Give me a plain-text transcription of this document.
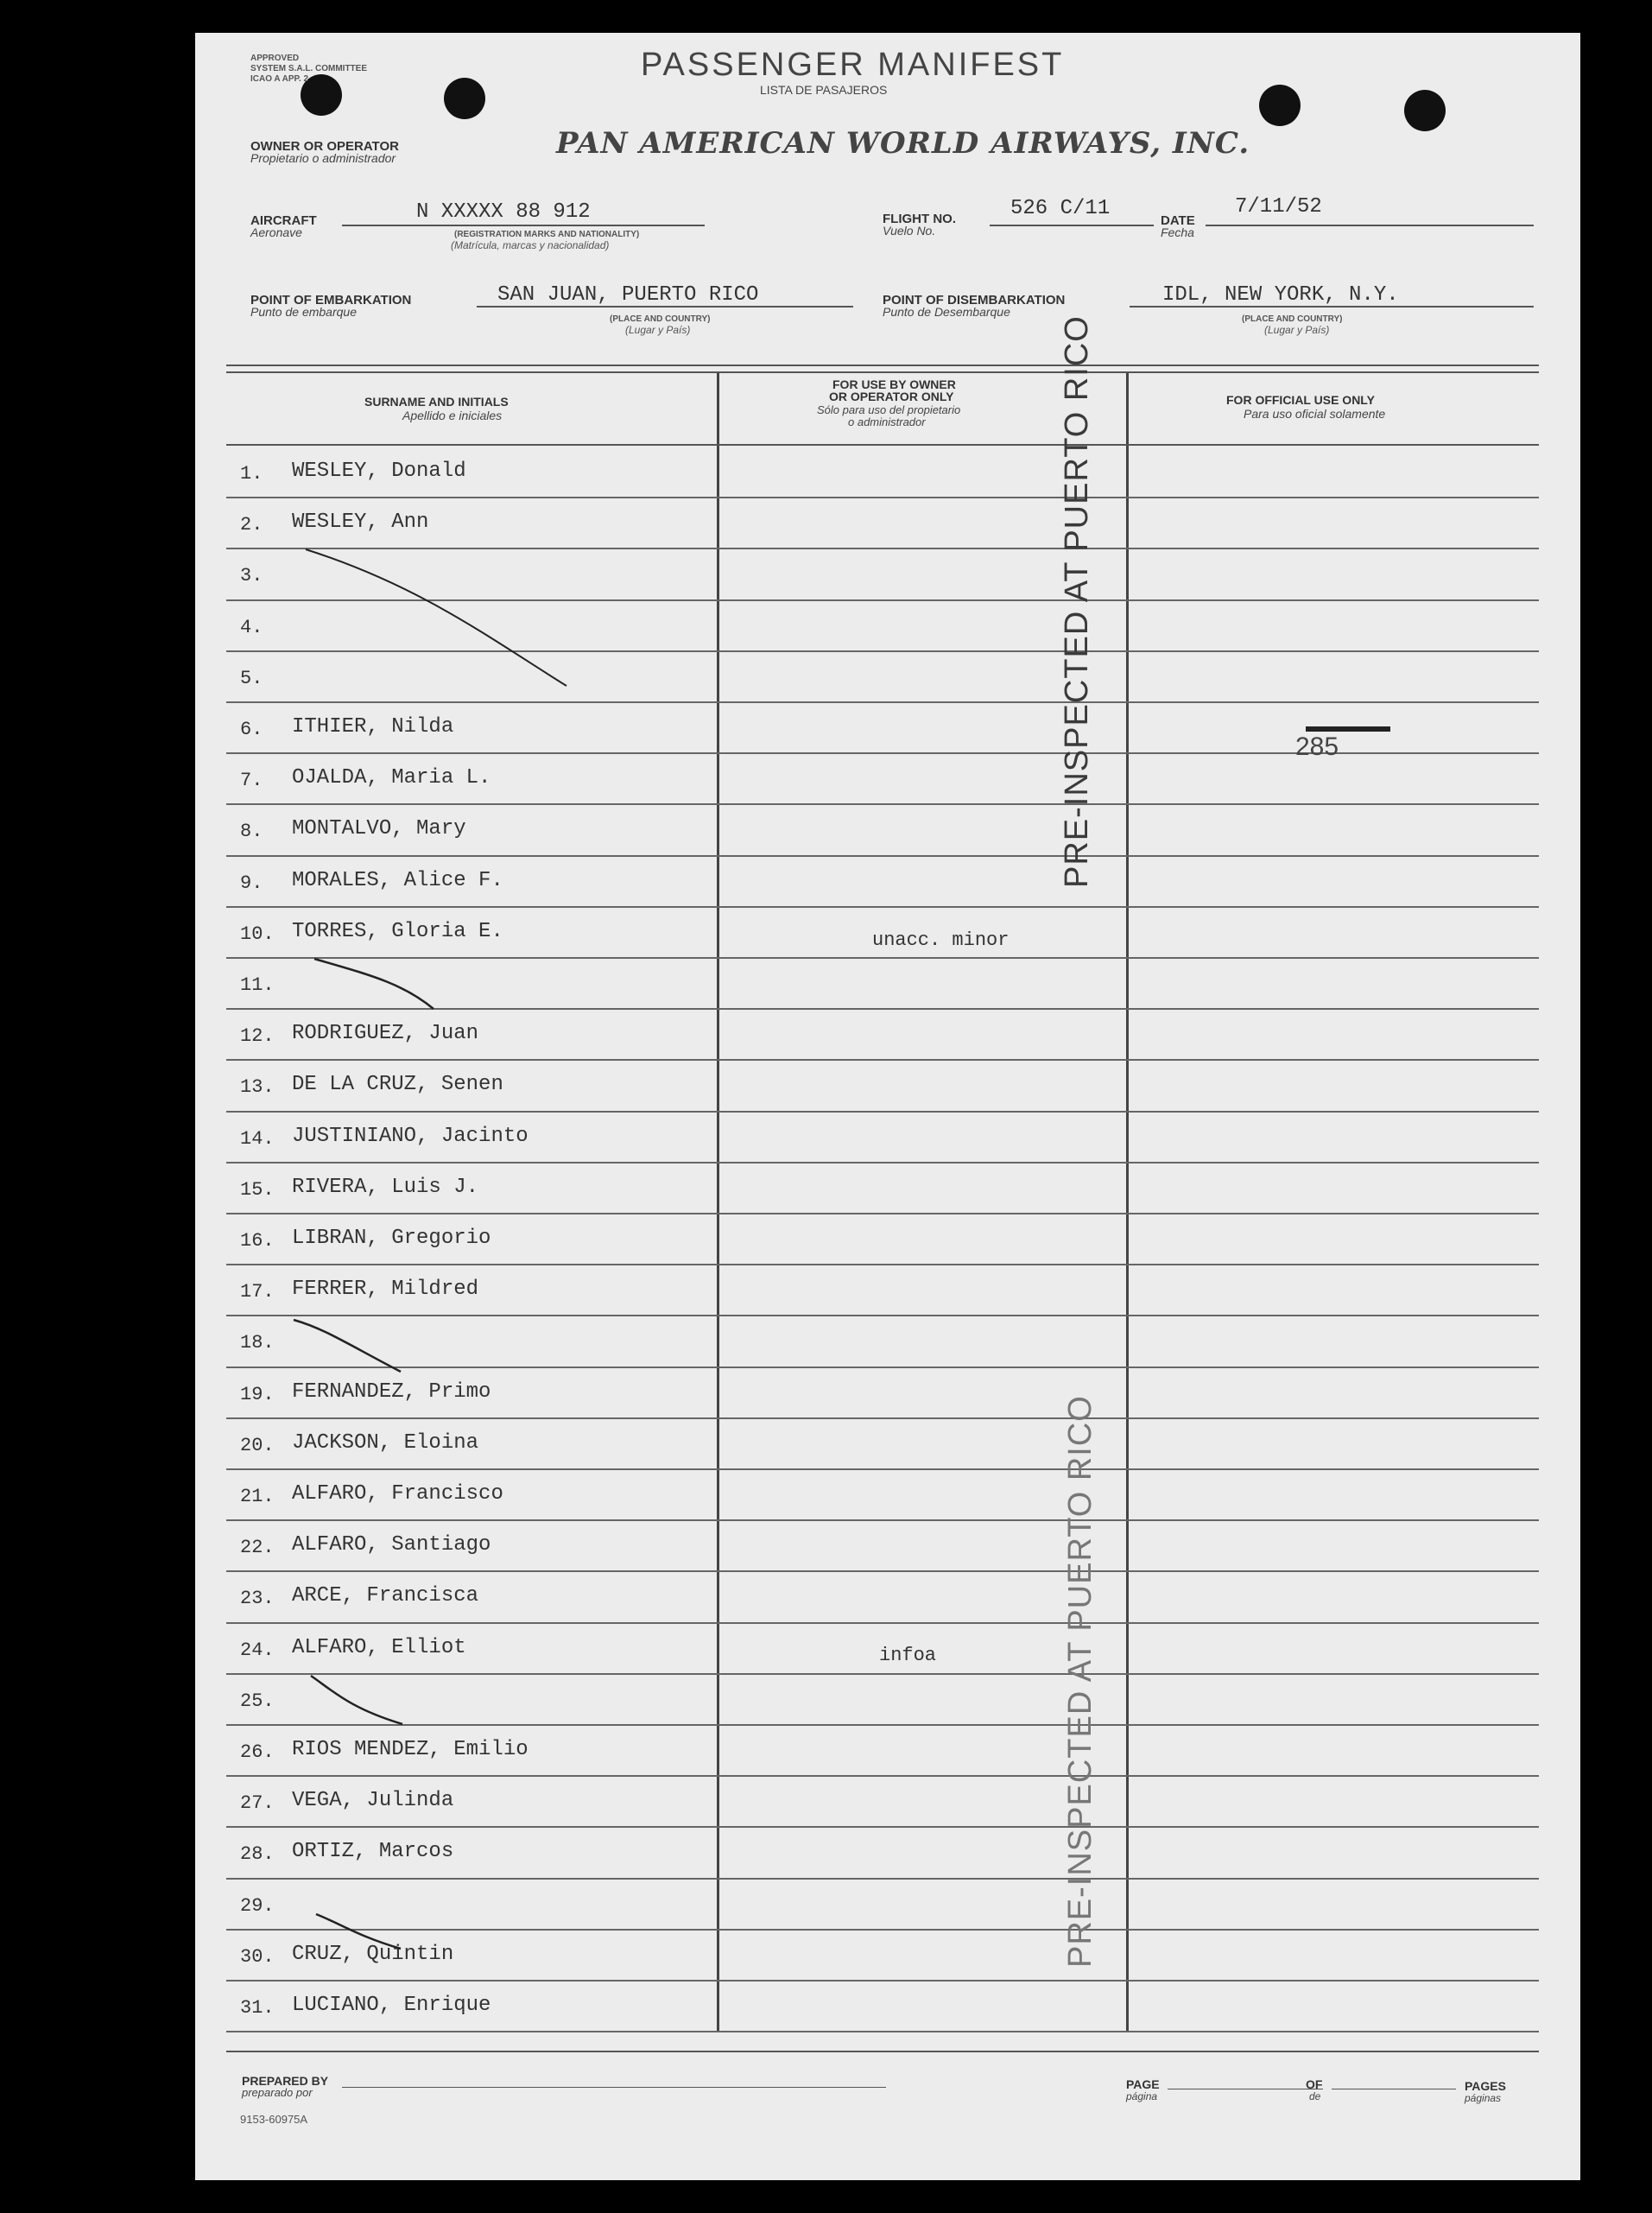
APPROVED
SYSTEM S.A.L. COMMITTEE
ICAO A APP. 2	PASSENGER MANIFEST
LISTA DE PASAJEROS
OWNER OR OPERATOR
Propietario o administrador	PAN AMERICAN WORLD AIRWAYS, INC.
AIRCRAFT
Aeronave
N XXXXX 88 912
(REGISTRATION MARKS AND NATIONALITY)
(Matrícula, marcas y nacionalidad)
FLIGHT NO.
Vuelo No.
526 C/11
DATE
Fecha
7/11/52
POINT OF EMBARKATION
Punto de embarque
SAN JUAN, PUERTO RICO
(PLACE AND COUNTRY)
(Lugar y País)
POINT OF DISEMBARKATION
Punto de Desembarque
IDL, NEW YORK, N.Y.
(PLACE AND COUNTRY)
(Lugar y País)
SURNAME AND INITIALS
Apellido e iniciales
FOR USE BY OWNER
OR OPERATOR ONLY
Sólo para uso del propietario
o administrador
FOR OFFICIAL USE ONLY
Para uso oficial solamente
1. WESLEY, Donald
2. WESLEY, Ann
3.
4.
5.
6. ITHIER, Nilda
7. OJALDA, Maria L.
8. MONTALVO, Mary
9. MORALES, Alice F.
10. TORRES, Gloria E.
11.
12. RODRIGUEZ, Juan
13. DE LA CRUZ, Senen
14. JUSTINIANO, Jacinto
15. RIVERA, Luis J.
16. LIBRAN, Gregorio
17. FERRER, Mildred
18.
19. FERNANDEZ, Primo
20. JACKSON, Eloina
21. ALFARO, Francisco
22. ALFARO, Santiago
23. ARCE, Francisca
24. ALFARO, Elliot
25.
26. RIOS MENDEZ, Emilio
27. VEGA, Julinda
28. ORTIZ, Marcos
29.
30. CRUZ, Quintin
31. LUCIANO, Enrique
unacc. minor
infoa
285
PRE-INSPECTED AT PUERTO RICO
PRE-INSPECTED AT PUERTO RICO
PREPARED BY
preparado por
PAGE
página
OF
de
PAGES
páginas
9153-60975A
